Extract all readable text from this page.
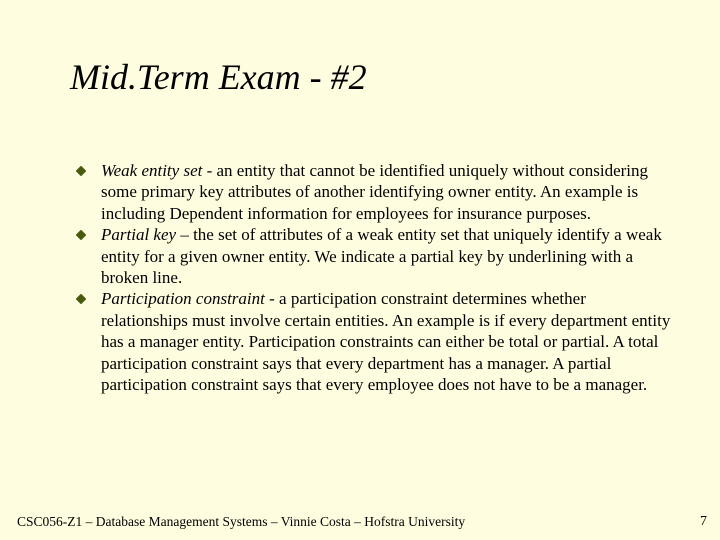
Mid.Term Exam - #2
Weak entity set - an entity that cannot be identified uniquely without considering some primary key attributes of another identifying owner entity. An example is including Dependent information for employees for insurance purposes.
Partial key – the set of attributes of a weak entity set that uniquely identify a weak entity for a given owner entity. We indicate a partial key by underlining with a broken line.
Participation constraint - a participation constraint determines whether relationships must involve certain entities. An example is if every department entity has a manager entity. Participation constraints can either be total or partial. A total participation constraint says that every department has a manager. A partial participation constraint says that every employee does not have to be a manager.
CSC056-Z1 – Database Management Systems – Vinnie Costa – Hofstra University	7
